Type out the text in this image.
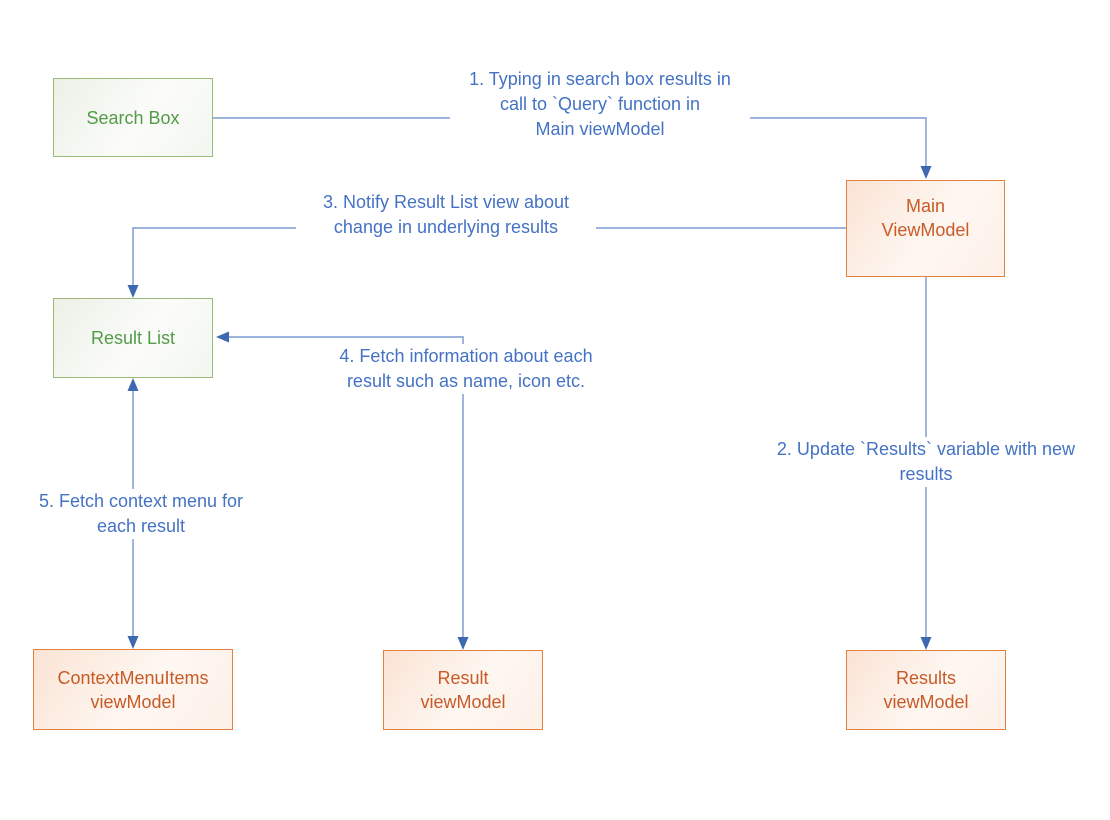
1. Typing in search box results in
call to `Query` function in
Main viewModel
3. Notify Result List view about
change in underlying results
4. Fetch information about each
result such as name, icon etc.
2. Update `Results` variable with new
results
5. Fetch context menu for
each result
Search Box
Main
ViewModel
Result List
ContextMenuItems
viewModel
Result
viewModel
Results
viewModel
